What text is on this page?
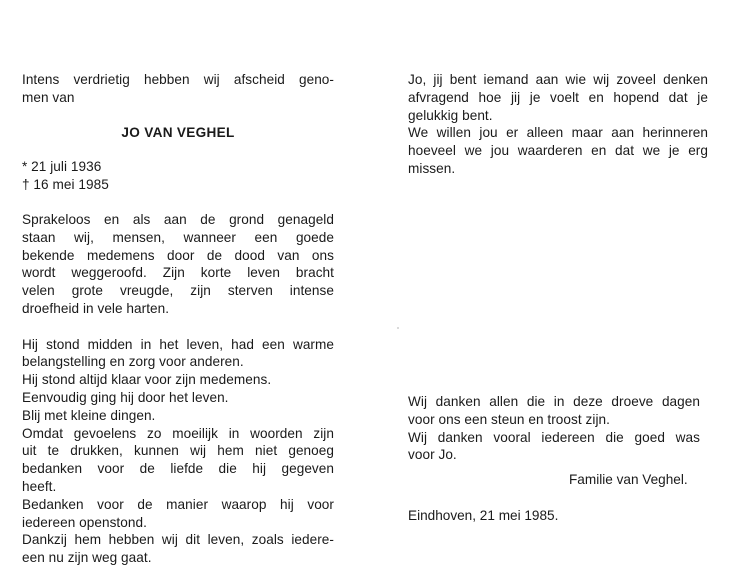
Intens verdrietig hebben wij afscheid geno-
men van
JO VAN VEGHEL
* 21 juli 1936
† 16 mei 1985
Sprakeloos en als aan de grond genageld
staan wij, mensen, wanneer een goede
bekende medemens door de dood van ons
wordt weggeroofd. Zijn korte leven bracht
velen grote vreugde, zijn sterven intense
droefheid in vele harten.
Hij stond midden in het leven, had een warme
belangstelling en zorg voor anderen.
Hij stond altijd klaar voor zijn medemens.
Eenvoudig ging hij door het leven.
Blij met kleine dingen.
Omdat gevoelens zo moeilijk in woorden zijn
uit te drukken, kunnen wij hem niet genoeg
bedanken voor de liefde die hij gegeven
heeft.
Bedanken voor de manier waarop hij voor
iedereen openstond.
Dankzij hem hebben wij dit leven, zoals iedere-
een nu zijn weg gaat.
Jo, jij bent iemand aan wie wij zoveel denken
afvragend hoe jij je voelt en hopend dat je
gelukkig bent.
We willen jou er alleen maar aan herinneren
hoeveel we jou waarderen en dat we je erg
missen.
Wij danken allen die in deze droeve dagen
voor ons een steun en troost zijn.
Wij danken vooral iedereen die goed was
voor Jo.
Familie van Veghel.
Eindhoven, 21 mei 1985.
